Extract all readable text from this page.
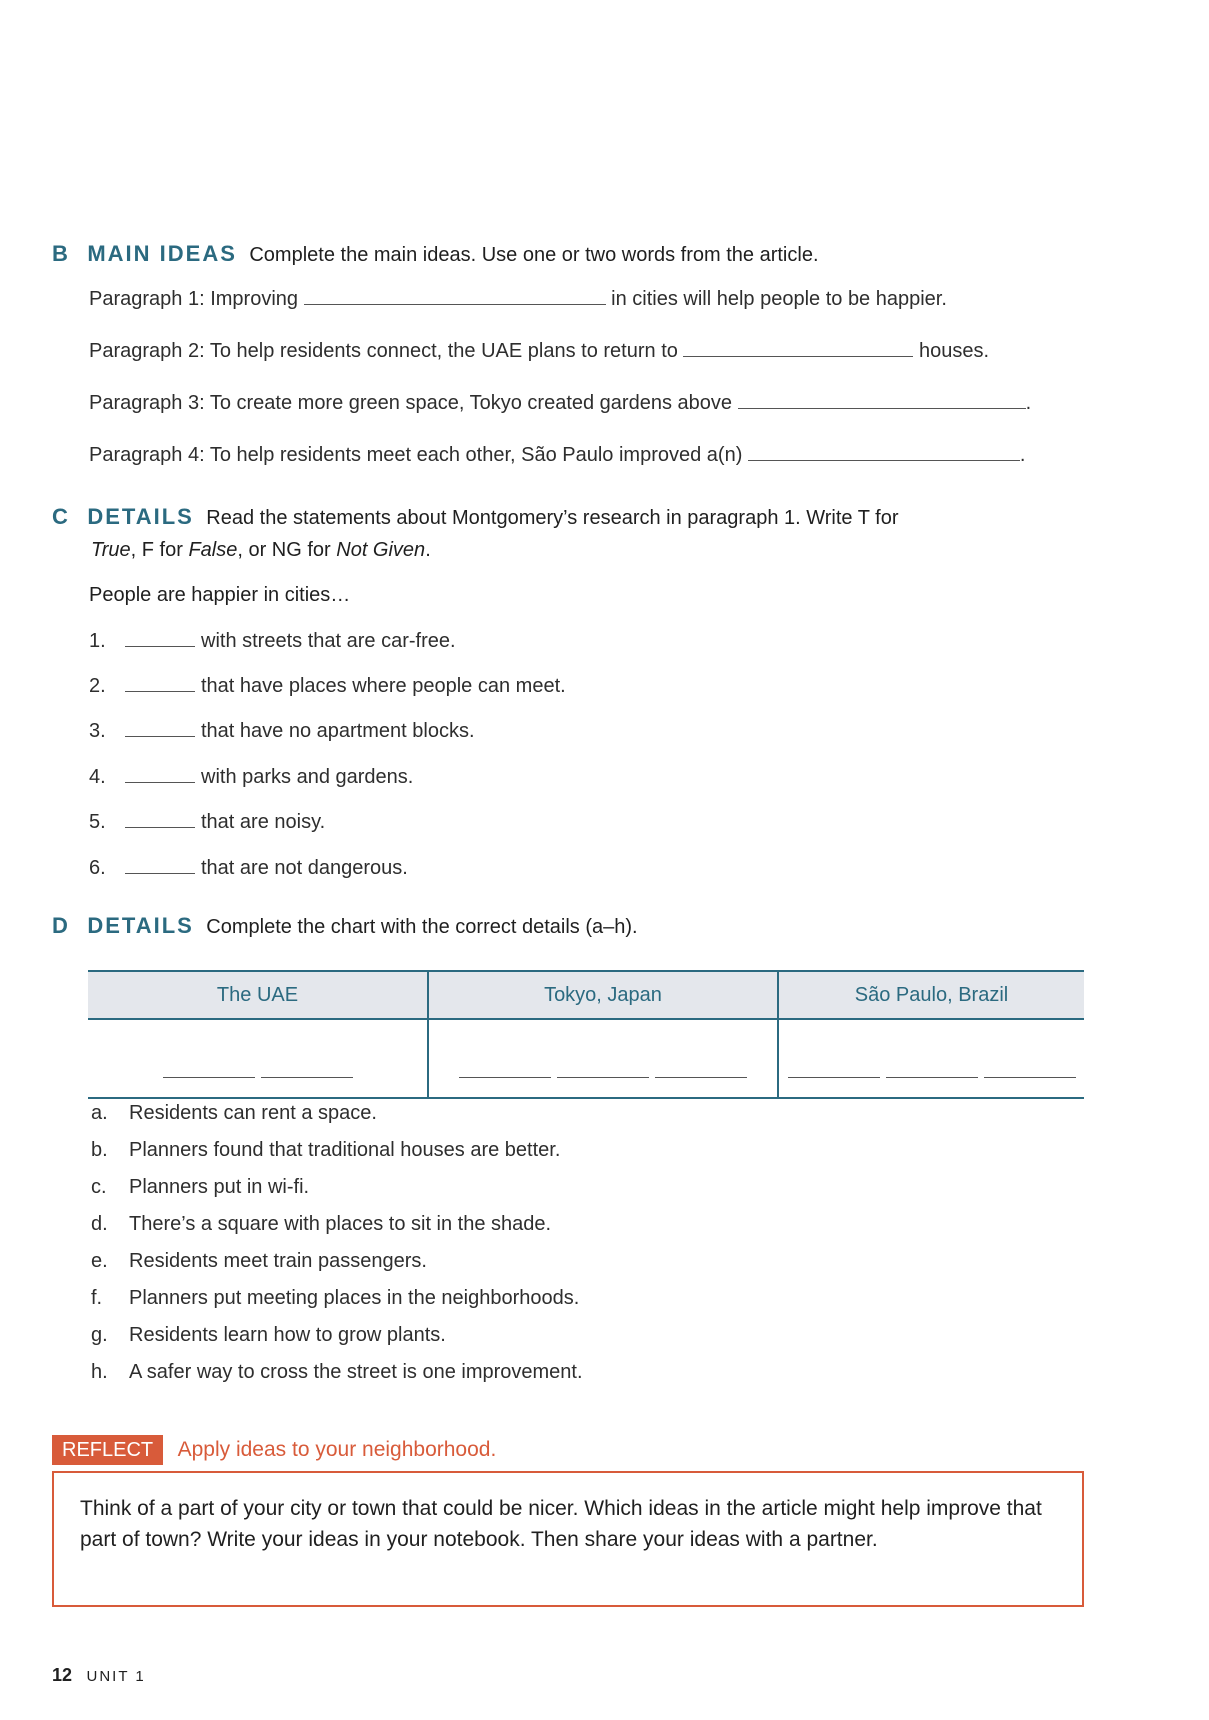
B MAIN IDEAS Complete the main ideas. Use one or two words from the article.
Paragraph 1: Improving	in cities will help people to be happier.
Paragraph 2: To help residents connect, the UAE plans to return to	houses.
Paragraph 3: To create more green space, Tokyo created gardens above	.
Paragraph 4: To help residents meet each other, São Paulo improved a(n)	.
C DETAILS Read the statements about Montgomery’s research in paragraph 1. Write T for
True, F for False, or NG for Not Given.
People are happier in cities…
1.	with streets that are car-free.
2.	that have places where people can meet.
3.	that have no apartment blocks.
4.	with parks and gardens.
5.	that are noisy.
6.	that are not dangerous.
D DETAILS Complete the chart with the correct details (a–h).
The UAE	Tokyo, Japan	São Paulo, Brazil

a. Residents can rent a space.
b. Planners found that traditional houses are better.
c. Planners put in wi-fi.
d. There’s a square with places to sit in the shade.
e. Residents meet train passengers.
f. Planners put meeting places in the neighborhoods.
g. Residents learn how to grow plants.
h. A safer way to cross the street is one improvement.
REFLECT Apply ideas to your neighborhood.
Think of a part of your city or town that could be nicer. Which ideas in the article might help improve that part of town? Write your ideas in your notebook. Then share your ideas with a partner.
12 UNIT 1
